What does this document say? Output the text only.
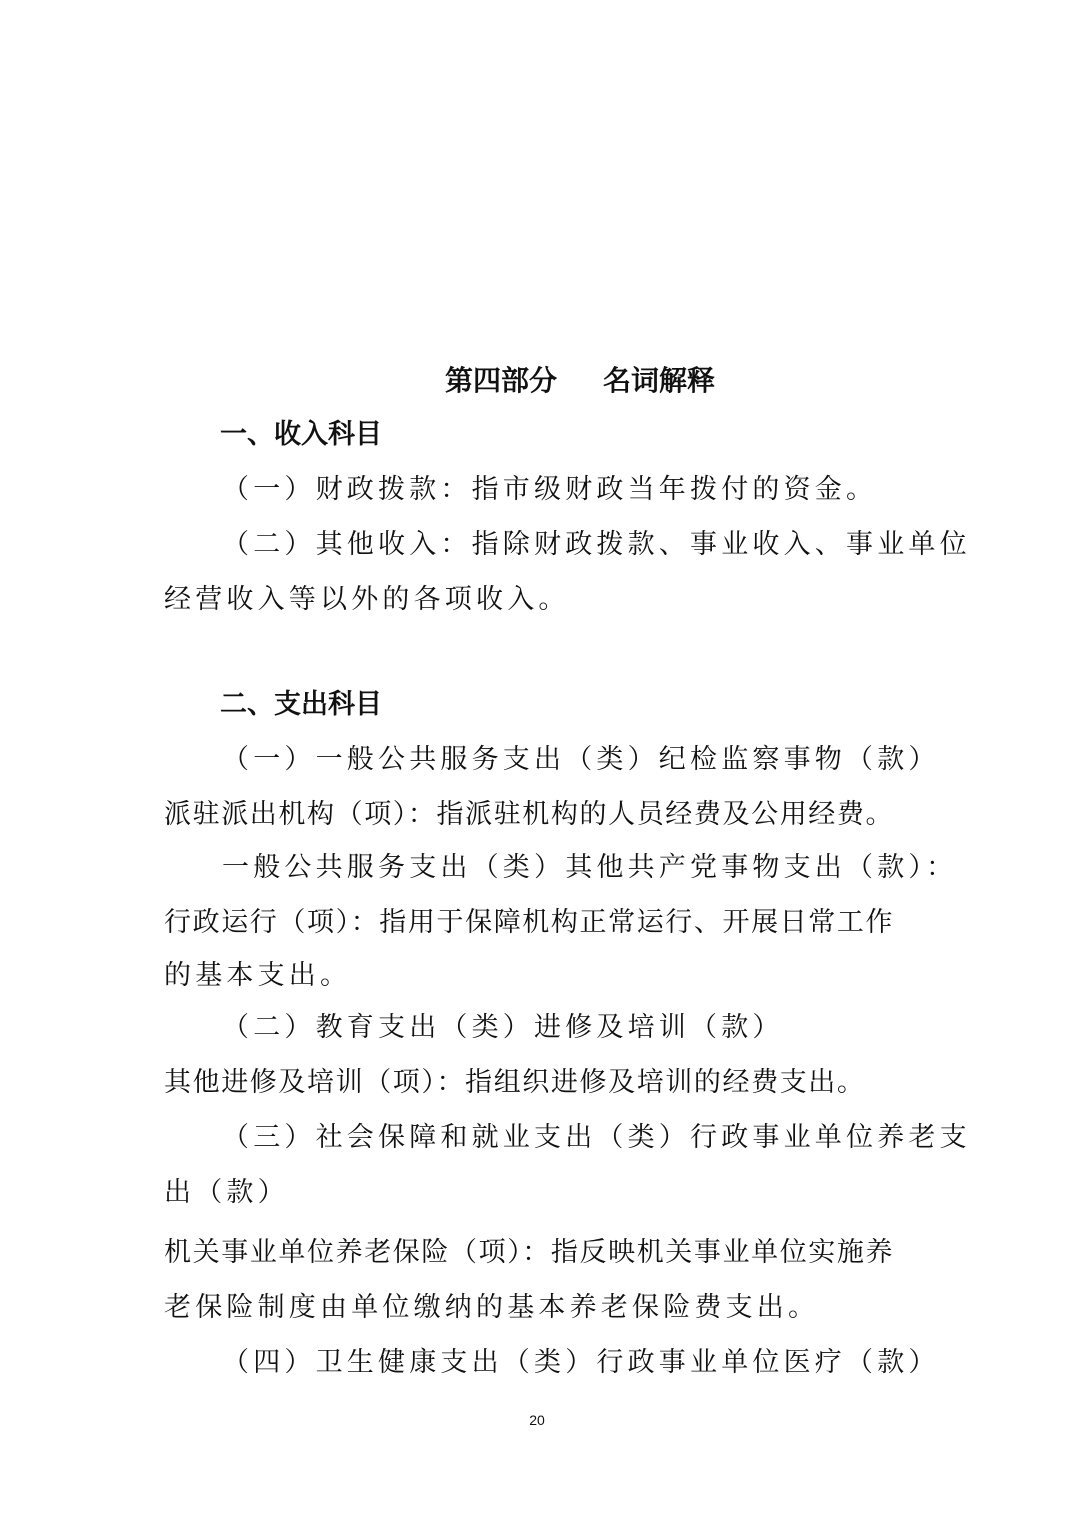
第四部分 名词解释
一、收入科目
（一）财政拨款：指市级财政当年拨付的资金。
（二）其他收入：指除财政拨款、事业收入、事业单位
经营收入等以外的各项收入。
二、支出科目
（一）一般公共服务支出（类）纪检监察事物（款）
派驻派出机构（项）：指派驻机构的人员经费及公用经费。
一般公共服务支出（类）其他共产党事物支出（款）：
行政运行（项）：指用于保障机构正常运行、开展日常工作
的基本支出。
（二）教育支出（类）进修及培训（款）
其他进修及培训（项）：指组织进修及培训的经费支出。
（三）社会保障和就业支出（类）行政事业单位养老支
出（款）
机关事业单位养老保险（项）：指反映机关事业单位实施养
老保险制度由单位缴纳的基本养老保险费支出。
（四）卫生健康支出（类）行政事业单位医疗（款）
20
